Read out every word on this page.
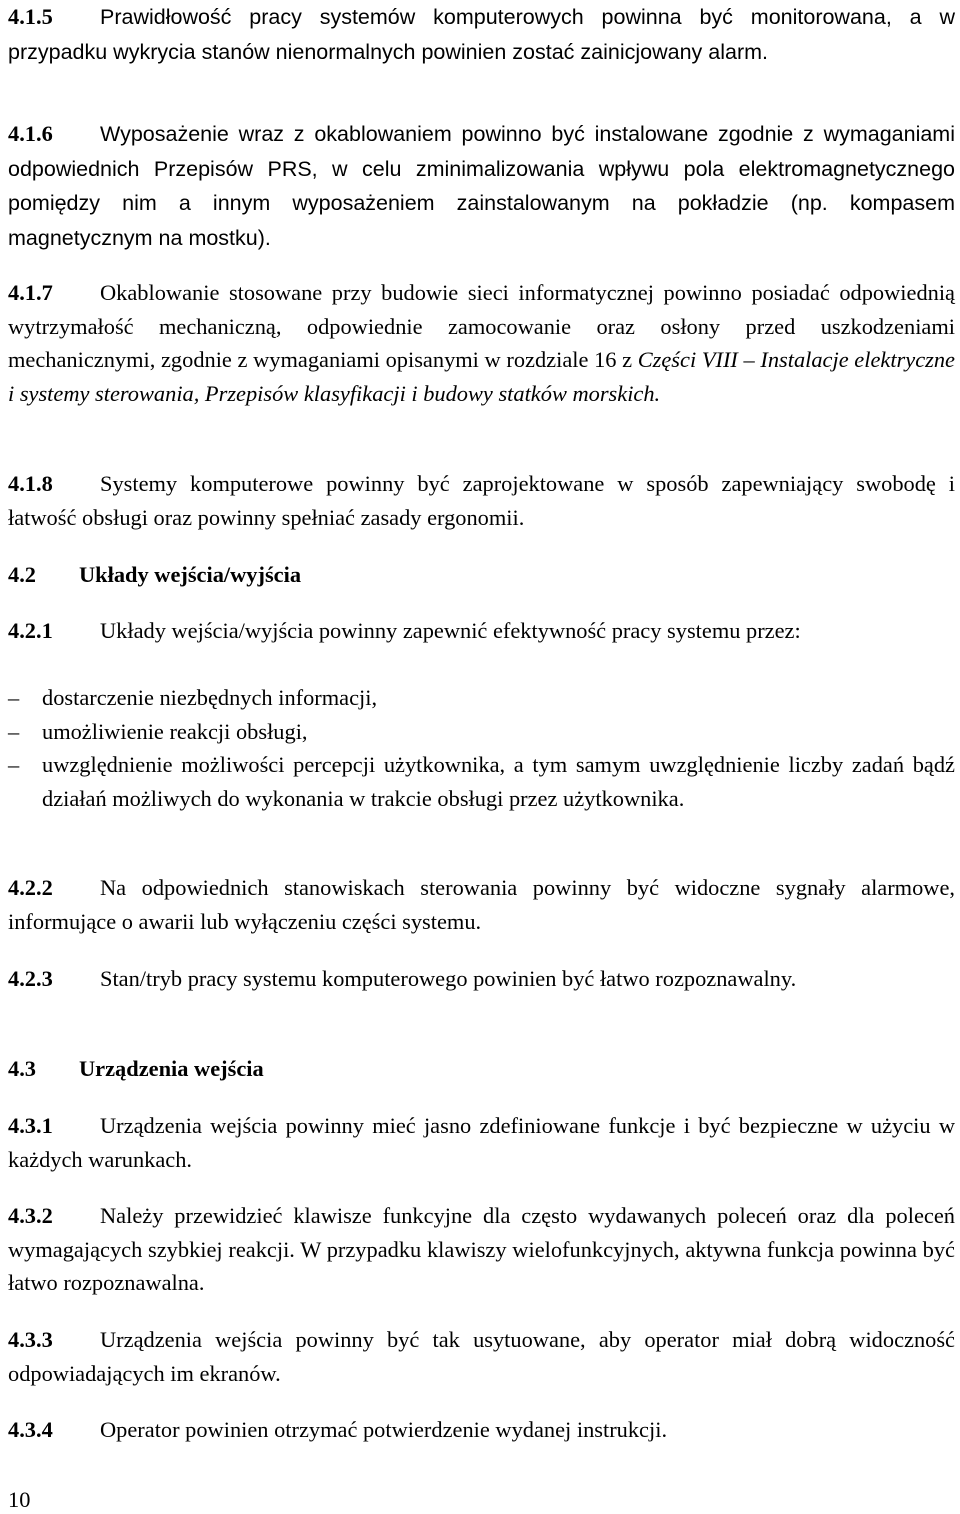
4.1.5 Prawidłowość pracy systemów komputerowych powinna być monitorowana, a w przypadku wykrycia stanów nienormalnych powinien zostać zainicjowany alarm.

4.1.6 Wyposażenie wraz z okablowaniem powinno być instalowane zgodnie z wymaganiami odpowiednich Przepisów PRS, w celu zminimalizowania wpływu pola elektromagnetycznego pomiędzy nim a innym wyposażeniem zainstalowanym na pokładzie (np. kompasem magnetycznym na mostku).

4.1.7 Okablowanie stosowane przy budowie sieci informatycznej powinno posiadać odpowiednią wytrzymałość mechaniczną, odpowiednie zamocowanie oraz osłony przed uszkodzeniami mechanicznymi, zgodnie z wymaganiami opisanymi w rozdziale 16 z Części VIII – Instalacje elektryczne i systemy sterowania, Przepisów klasyfikacji i budowy statków morskich.

4.1.8 Systemy komputerowe powinny być zaprojektowane w sposób zapewniający swobodę i łatwość obsługi oraz powinny spełniać zasady ergonomii.

4.2 Układy wejścia/wyjścia

4.2.1 Układy wejścia/wyjścia powinny zapewnić efektywność pracy systemu przez:

– dostarczenie niezbędnych informacji,
– umożliwienie reakcji obsługi,
– uwzględnienie możliwości percepcji użytkownika, a tym samym uwzględnienie liczby zadań bądź działań możliwych do wykonania w trakcie obsługi przez użytkownika.

4.2.2 Na odpowiednich stanowiskach sterowania powinny być widoczne sygnały alarmowe, informujące o awarii lub wyłączeniu części systemu.

4.2.3 Stan/tryb pracy systemu komputerowego powinien być łatwo rozpoznawalny.

4.3 Urządzenia wejścia

4.3.1 Urządzenia wejścia powinny mieć jasno zdefiniowane funkcje i być bezpieczne w użyciu w każdych warunkach.

4.3.2 Należy przewidzieć klawisze funkcyjne dla często wydawanych poleceń oraz dla poleceń wymagających szybkiej reakcji. W przypadku klawiszy wielofunkcyjnych, aktywna funkcja powinna być łatwo rozpoznawalna.

4.3.3 Urządzenia wejścia powinny być tak usytuowane, aby operator miał dobrą widoczność odpowiadających im ekranów.

4.3.4 Operator powinien otrzymać potwierdzenie wydanej instrukcji.

10
